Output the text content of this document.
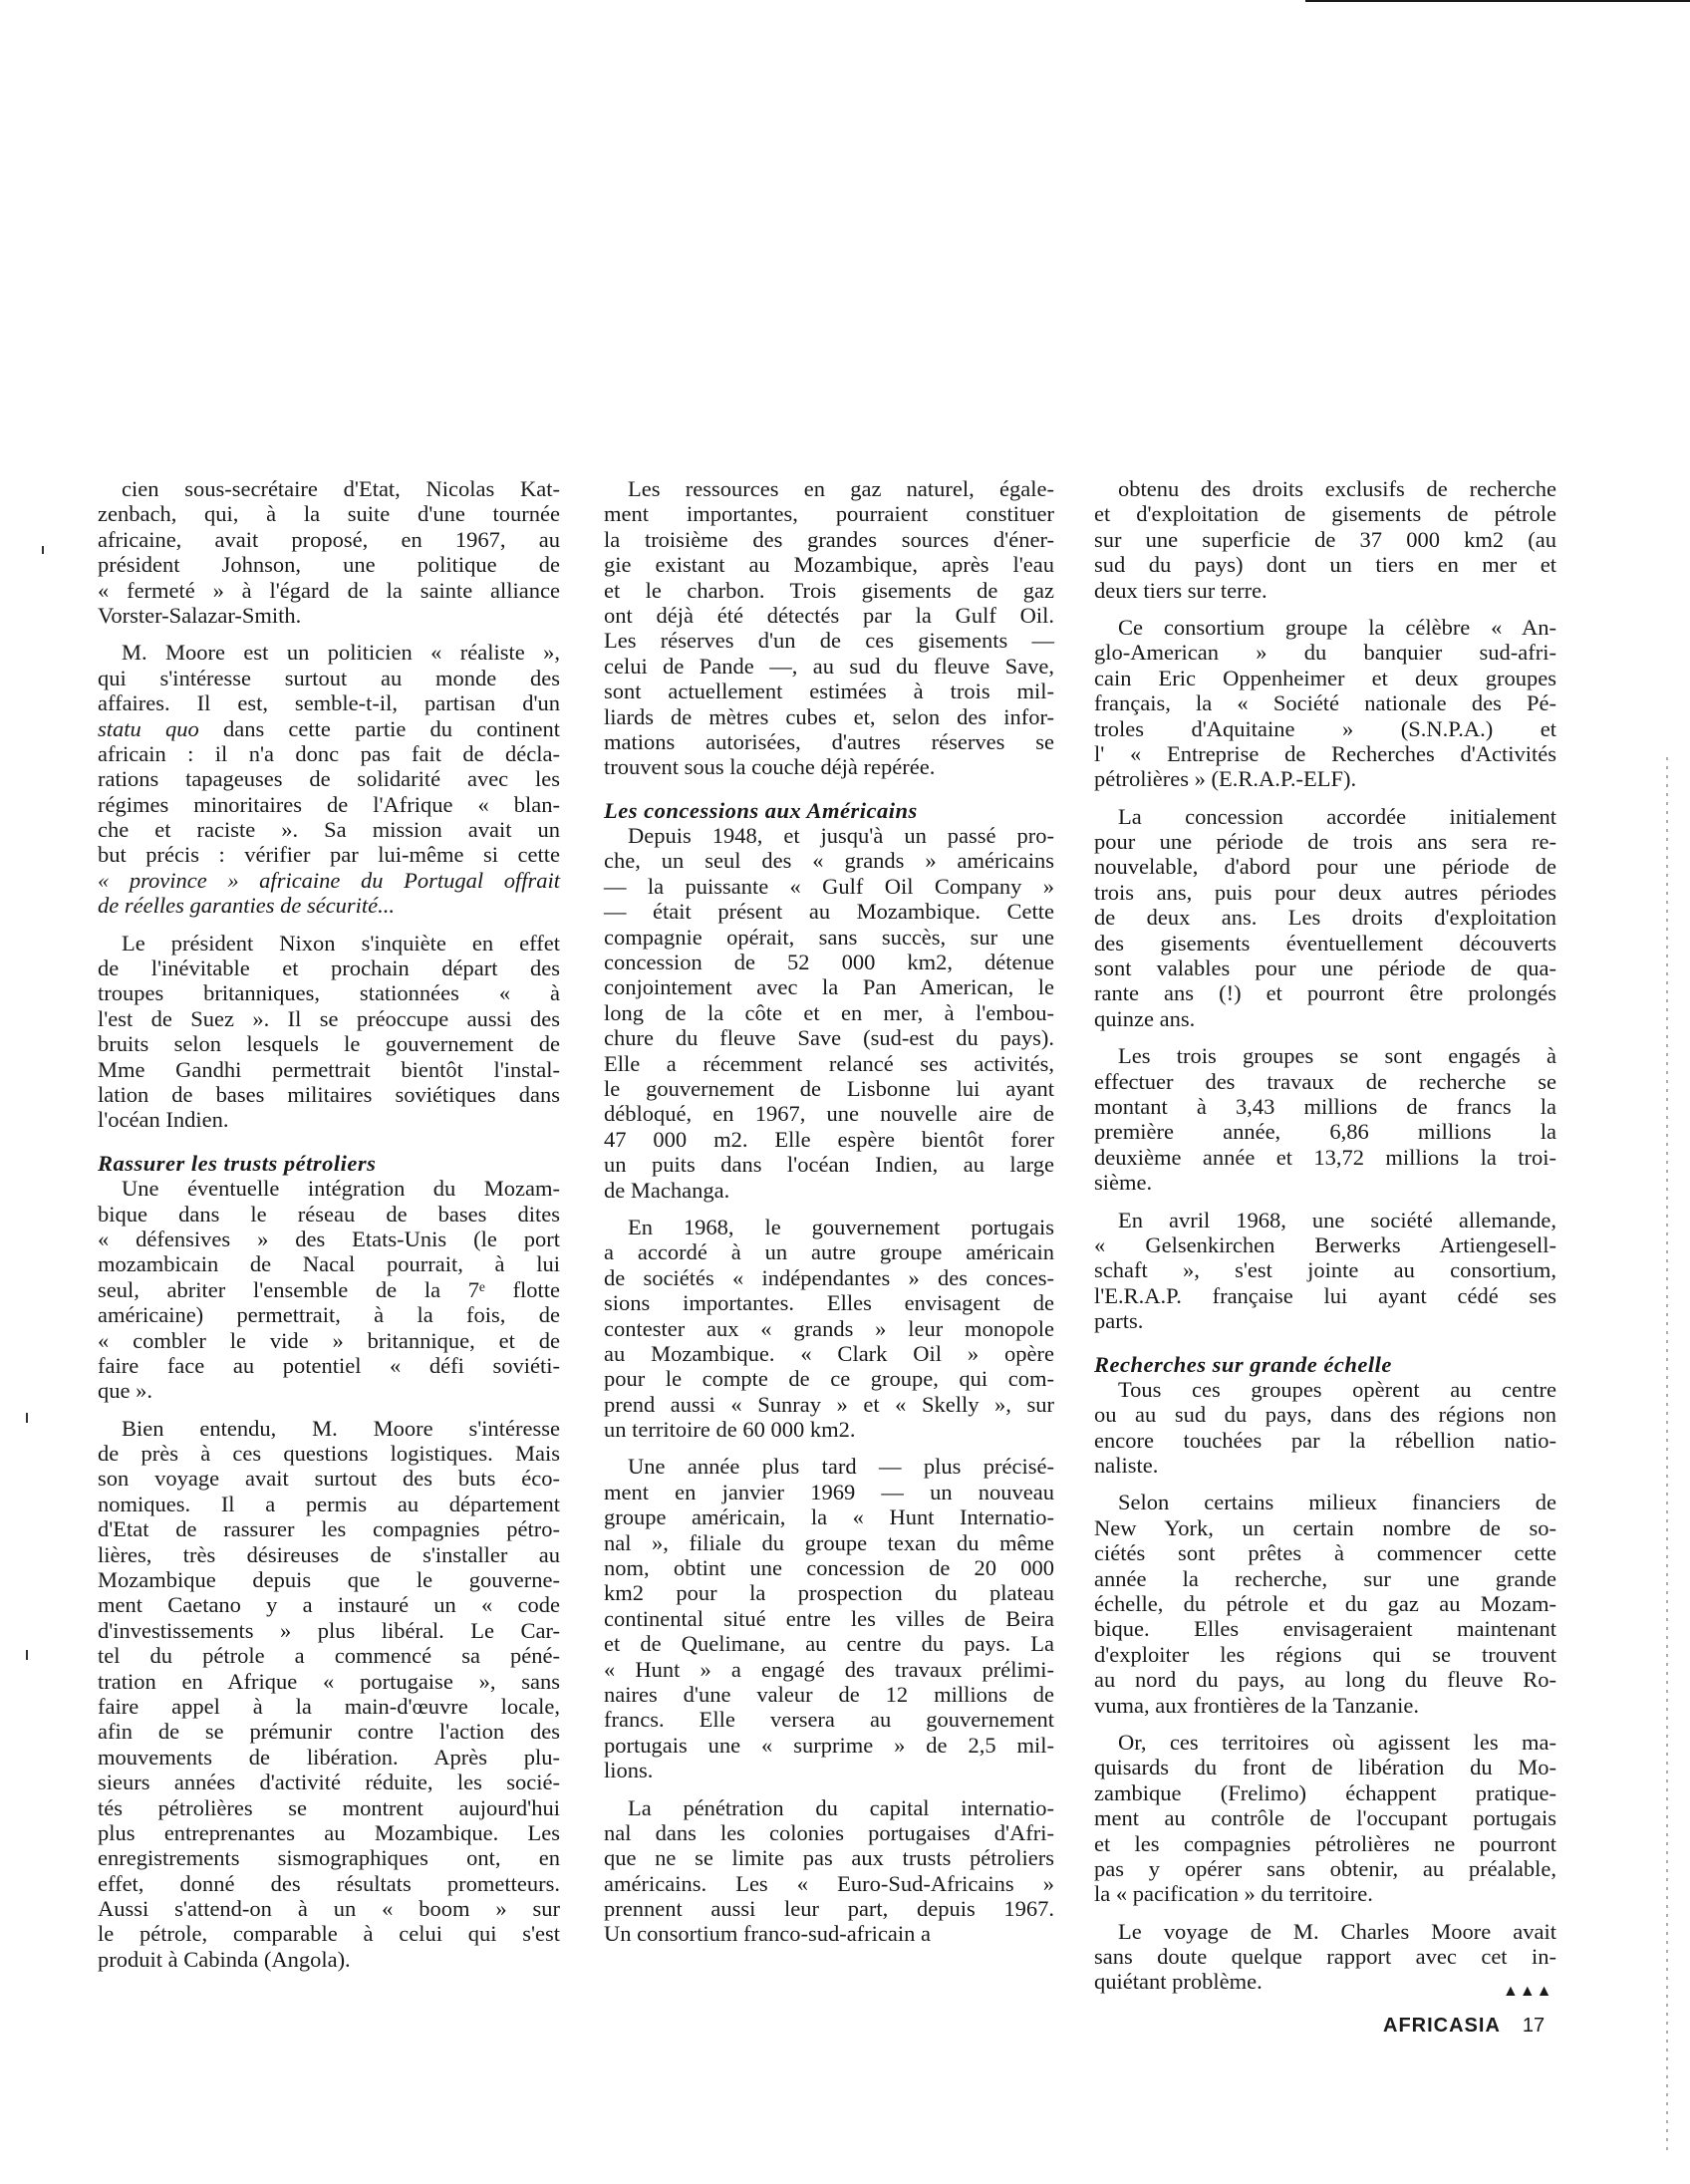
cien sous-secrétaire d'Etat, Nicolas Kat-
zenbach, qui, à la suite d'une tournée
africaine, avait proposé, en 1967, au
président Johnson, une politique de
« fermeté » à l'égard de la sainte alliance
Vorster-Salazar-Smith.
M. Moore est un politicien « réaliste »,
qui s'intéresse surtout au monde des
affaires. Il est, semble-t-il, partisan d'un
statu quo dans cette partie du continent
africain : il n'a donc pas fait de décla-
rations tapageuses de solidarité avec les
régimes minoritaires de l'Afrique « blan-
che et raciste ». Sa mission avait un
but précis : vérifier par lui-même si cette
« province » africaine du Portugal offrait
de réelles garanties de sécurité...
Le président Nixon s'inquiète en effet
de l'inévitable et prochain départ des
troupes britanniques, stationnées « à
l'est de Suez ». Il se préoccupe aussi des
bruits selon lesquels le gouvernement de
Mme Gandhi permettrait bientôt l'instal-
lation de bases militaires soviétiques dans
l'océan Indien.
Rassurer les trusts pétroliers
Une éventuelle intégration du Mozam-
bique dans le réseau de bases dites
« défensives » des Etats-Unis (le port
mozambicain de Nacal pourrait, à lui
seul, abriter l'ensemble de la 7ᵉ flotte
américaine) permettrait, à la fois, de
« combler le vide » britannique, et de
faire face au potentiel « défi soviéti-
que ».
Bien entendu, M. Moore s'intéresse
de près à ces questions logistiques. Mais
son voyage avait surtout des buts éco-
nomiques. Il a permis au département
d'Etat de rassurer les compagnies pétro-
lières, très désireuses de s'installer au
Mozambique depuis que le gouverne-
ment Caetano y a instauré un « code
d'investissements » plus libéral. Le Car-
tel du pétrole a commencé sa péné-
tration en Afrique « portugaise », sans
faire appel à la main-d'œuvre locale,
afin de se prémunir contre l'action des
mouvements de libération. Après plu-
sieurs années d'activité réduite, les socié-
tés pétrolières se montrent aujourd'hui
plus entreprenantes au Mozambique. Les
enregistrements sismographiques ont, en
effet, donné des résultats prometteurs.
Aussi s'attend-on à un « boom » sur
le pétrole, comparable à celui qui s'est
produit à Cabinda (Angola).
Les ressources en gaz naturel, égale-
ment importantes, pourraient constituer
la troisième des grandes sources d'éner-
gie existant au Mozambique, après l'eau
et le charbon. Trois gisements de gaz
ont déjà été détectés par la Gulf Oil.
Les réserves d'un de ces gisements —
celui de Pande —, au sud du fleuve Save,
sont actuellement estimées à trois mil-
liards de mètres cubes et, selon des infor-
mations autorisées, d'autres réserves se
trouvent sous la couche déjà repérée.
Les concessions aux Américains
Depuis 1948, et jusqu'à un passé pro-
che, un seul des « grands » américains
— la puissante « Gulf Oil Company »
— était présent au Mozambique. Cette
compagnie opérait, sans succès, sur une
concession de 52 000 km2, détenue
conjointement avec la Pan American, le
long de la côte et en mer, à l'embou-
chure du fleuve Save (sud-est du pays).
Elle a récemment relancé ses activités,
le gouvernement de Lisbonne lui ayant
débloqué, en 1967, une nouvelle aire de
47 000 m2. Elle espère bientôt forer
un puits dans l'océan Indien, au large
de Machanga.
En 1968, le gouvernement portugais
a accordé à un autre groupe américain
de sociétés « indépendantes » des conces-
sions importantes. Elles envisagent de
contester aux « grands » leur monopole
au Mozambique. « Clark Oil » opère
pour le compte de ce groupe, qui com-
prend aussi « Sunray » et « Skelly », sur
un territoire de 60 000 km2.
Une année plus tard — plus précisé-
ment en janvier 1969 — un nouveau
groupe américain, la « Hunt Internatio-
nal », filiale du groupe texan du même
nom, obtint une concession de 20 000
km2 pour la prospection du plateau
continental situé entre les villes de Beira
et de Quelimane, au centre du pays. La
« Hunt » a engagé des travaux prélimi-
naires d'une valeur de 12 millions de
francs. Elle versera au gouvernement
portugais une « surprime » de 2,5 mil-
lions.
La pénétration du capital internatio-
nal dans les colonies portugaises d'Afri-
que ne se limite pas aux trusts pétroliers
américains. Les « Euro-Sud-Africains »
prennent aussi leur part, depuis 1967.
Un consortium franco-sud-africain a
obtenu des droits exclusifs de recherche
et d'exploitation de gisements de pétrole
sur une superficie de 37 000 km2 (au
sud du pays) dont un tiers en mer et
deux tiers sur terre.
Ce consortium groupe la célèbre « An-
glo-American » du banquier sud-afri-
cain Eric Oppenheimer et deux groupes
français, la « Société nationale des Pé-
troles d'Aquitaine » (S.N.P.A.) et
l' « Entreprise de Recherches d'Activités
pétrolières » (E.R.A.P.-ELF).
La concession accordée initialement
pour une période de trois ans sera re-
nouvelable, d'abord pour une période de
trois ans, puis pour deux autres périodes
de deux ans. Les droits d'exploitation
des gisements éventuellement découverts
sont valables pour une période de qua-
rante ans (!) et pourront être prolongés
quinze ans.
Les trois groupes se sont engagés à
effectuer des travaux de recherche se
montant à 3,43 millions de francs la
première année, 6,86 millions la
deuxième année et 13,72 millions la troi-
sième.
En avril 1968, une société allemande,
« Gelsenkirchen Berwerks Artiengesell-
schaft », s'est jointe au consortium,
l'E.R.A.P. française lui ayant cédé ses
parts.
Recherches sur grande échelle
Tous ces groupes opèrent au centre
ou au sud du pays, dans des régions non
encore touchées par la rébellion natio-
naliste.
Selon certains milieux financiers de
New York, un certain nombre de so-
ciétés sont prêtes à commencer cette
année la recherche, sur une grande
échelle, du pétrole et du gaz au Mozam-
bique. Elles envisageraient maintenant
d'exploiter les régions qui se trouvent
au nord du pays, au long du fleuve Ro-
vuma, aux frontières de la Tanzanie.
Or, ces territoires où agissent les ma-
quisards du front de libération du Mo-
zambique (Frelimo) échappent pratique-
ment au contrôle de l'occupant portugais
et les compagnies pétrolières ne pourront
pas y opérer sans obtenir, au préalable,
la « pacification » du territoire.
Le voyage de M. Charles Moore avait
sans doute quelque rapport avec cet in-
quiétant problème.	▲▲▲
AFRICASIA 17
